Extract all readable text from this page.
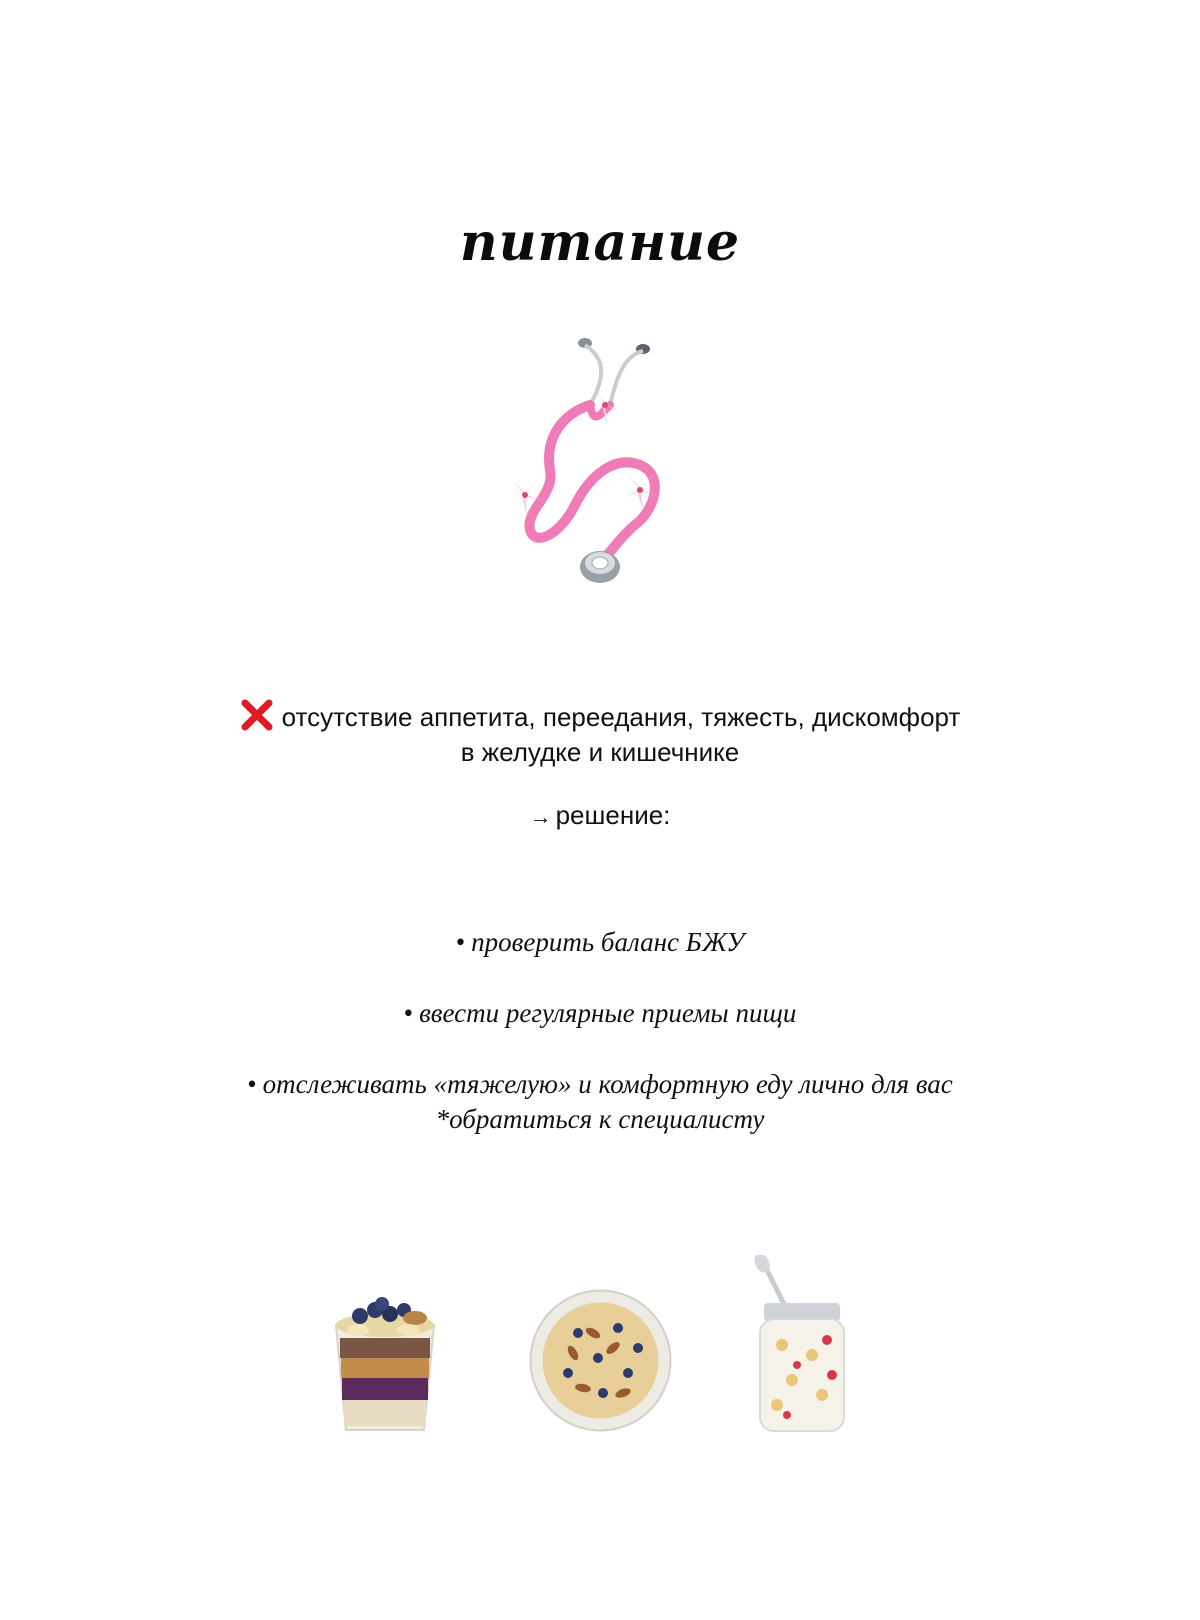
питание
отсутствие аппетита, переедания, тяжесть, дискомфорт
в желудке и кишечнике
→ решение:
• проверить баланс БЖУ
• ввести регулярные приемы пищи
• отслеживать «тяжелую» и комфортную еду лично для вас
*обратиться к специалисту
